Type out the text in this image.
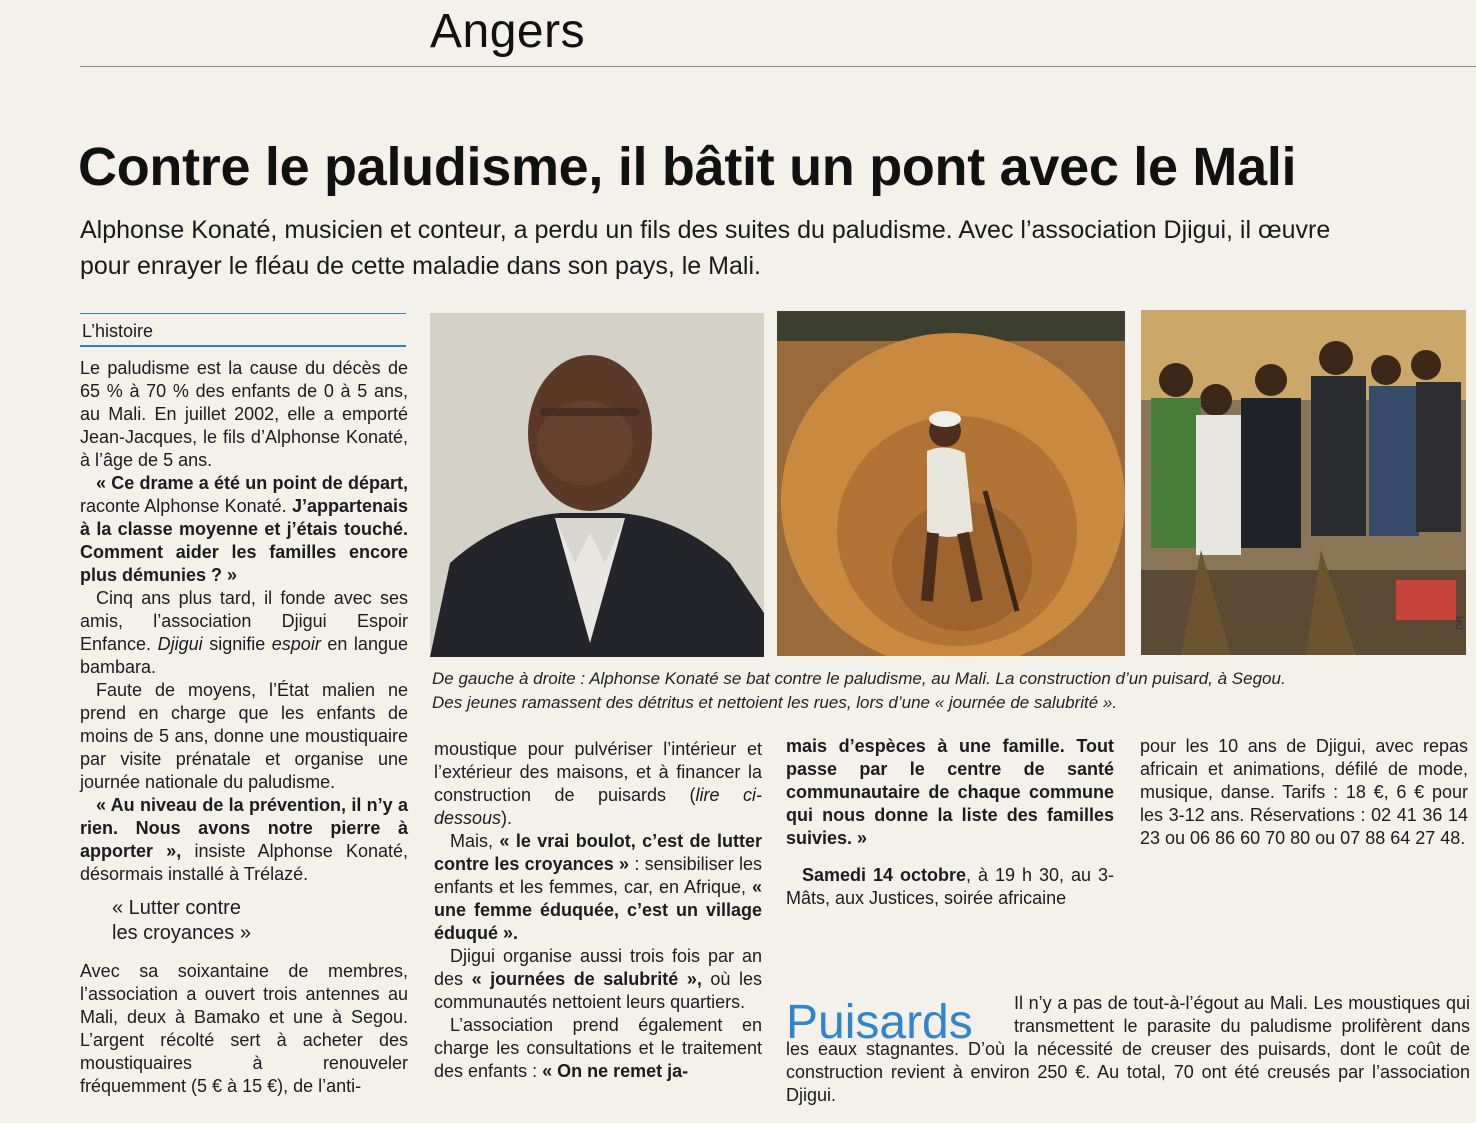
Angers
Contre le paludisme, il bâtit un pont avec le Mali
Alphonse Konaté, musicien et conteur, a perdu un fils des suites du paludisme. Avec l’association Djigui, il œuvre pour enrayer le fléau de cette maladie dans son pays, le Mali.
L’histoire

Le paludisme est la cause du décès de 65 % à 70 % des enfants de 0 à 5 ans, au Mali. En juillet 2002, elle a emporté Jean-Jacques, le fils d’Alphonse Konaté, à l’âge de 5 ans.

« Ce drame a été un point de départ, raconte Alphonse Konaté. J’appartenais à la classe moyenne et j’étais touché. Comment aider les familles encore plus démunies ? »

Cinq ans plus tard, il fonde avec ses amis, l’association Djigui Espoir Enfance. Djigui signifie espoir en langue bambara.

Faute de moyens, l’État malien ne prend en charge que les enfants de moins de 5 ans, donne une moustiquaire par visite prénatale et organise une journée nationale du paludisme.

« Au niveau de la prévention, il n’y a rien. Nous avons notre pierre à apporter », insiste Alphonse Konaté, désormais installé à Trélazé.

« Lutter contre
les croyances »

Avec sa soixantaine de membres, l’association a ouvert trois antennes au Mali, deux à Bamako et une à Segou. L’argent récolté sert à acheter des moustiquaires à renouveler fréquemment (5 € à 15 €), de l’anti-

DR
De gauche à droite : Alphonse Konaté se bat contre le paludisme, au Mali. La construction d’un puisard, à Segou.
Des jeunes ramassent des détritus et nettoient les rues, lors d’une « journée de salubrité ».

moustique pour pulvériser l’intérieur et l’extérieur des maisons, et à financer la construction de puisards (lire ci-dessous).

Mais, « le vrai boulot, c’est de lutter contre les croyances » : sensibiliser les enfants et les femmes, car, en Afrique, « une femme éduquée, c’est un village éduqué ».

Djigui organise aussi trois fois par an des « journées de salubrité », où les communautés nettoient leurs quartiers.

L’association prend également en charge les consultations et le traitement des enfants : « On ne remet ja-

mais d’espèces à une famille. Tout passe par le centre de santé communautaire de chaque commune qui nous donne la liste des familles suivies. »

Samedi 14 octobre, à 19 h 30, au 3-Mâts, aux Justices, soirée africaine

pour les 10 ans de Djigui, avec repas africain et animations, défilé de mode, musique, danse. Tarifs : 18 €, 6 € pour les 3-12 ans. Réservations : 02 41 36 14 23 ou 06 86 60 70 80 ou 07 88 64 27 48.

Puisards	Il n’y a pas de tout-à-l’égout au Mali. Les moustiques qui transmettent le parasite du paludisme prolifèrent dans les eaux stagnantes. D’où la nécessité de creuser des puisards, dont le coût de construction revient à environ 250 €. Au total, 70 ont été creusés par l’association Djigui.
